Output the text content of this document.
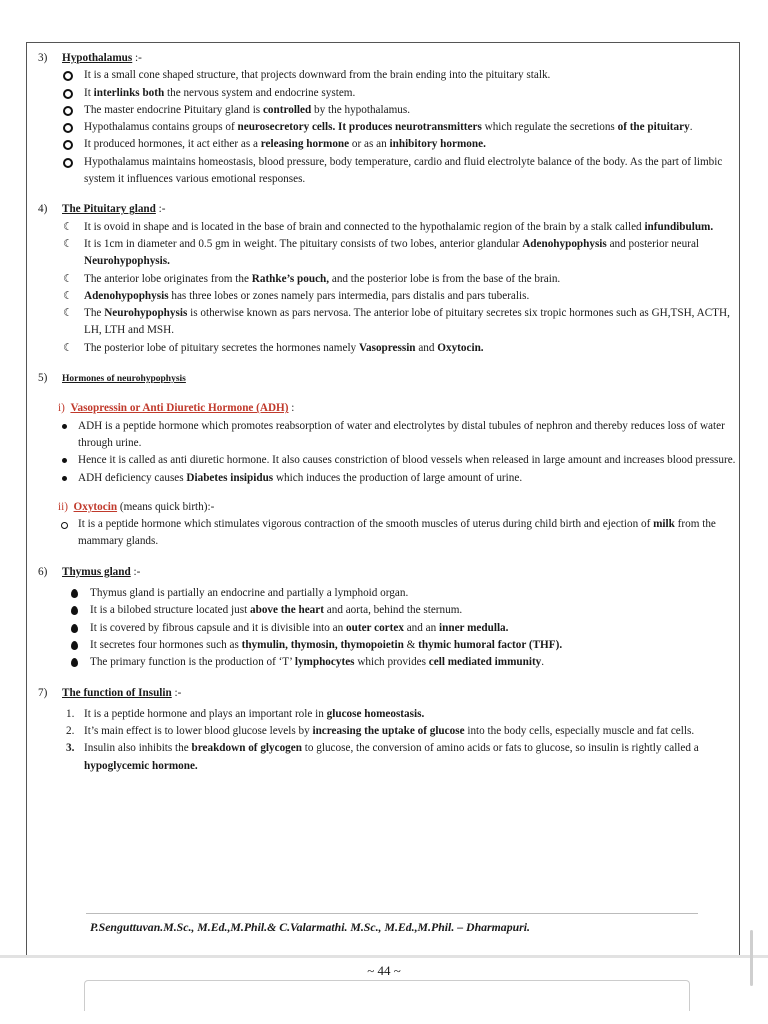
3)	Hypothalamus :-
It is a small cone shaped structure, that projects downward from the brain ending into the pituitary stalk.
It interlinks both the nervous system and endocrine system.
The master endocrine Pituitary gland is controlled by the hypothalamus.
Hypothalamus contains groups of neurosecretory cells. It produces neurotransmitters which regulate the secretions of the pituitary.
It produced hormones, it act either as a releasing hormone or as an inhibitory hormone.
Hypothalamus maintains homeostasis, blood pressure, body temperature, cardio and fluid electrolyte balance of the body. As the part of limbic system it influences various emotional responses.
4)	The Pituitary gland :-
☾ It is ovoid in shape and is located in the base of brain and connected to the hypothalamic region of the brain by a stalk called infundibulum.
☾ It is 1cm in diameter and 0.5 gm in weight. The pituitary consists of two lobes, anterior glandular Adenohypophysis and posterior neural Neurohypophysis.
☾ The anterior lobe originates from the Rathke’s pouch, and the posterior lobe is from the base of the brain.
☾ Adenohypophysis has three lobes or zones namely pars intermedia, pars distalis and pars tuberalis.
☾ The Neurohypophysis is otherwise known as pars nervosa. The anterior lobe of pituitary secretes six tropic hormones such as GH,TSH, ACTH, LH, LTH and MSH.
☾ The posterior lobe of pituitary secretes the hormones namely Vasopressin and Oxytocin.
5)	Hormones of neurohypophysis
i) Vasopressin or Anti Diuretic Hormone (ADH) :
ADH is a peptide hormone which promotes reabsorption of water and electrolytes by distal tubules of nephron and thereby reduces loss of water through urine.
Hence it is called as anti diuretic hormone. It also causes constriction of blood vessels when released in large amount and increases blood pressure.
ADH deficiency causes Diabetes insipidus which induces the production of large amount of urine.
ii) Oxytocin (means quick birth):-
It is a peptide hormone which stimulates vigorous contraction of the smooth muscles of uterus during child birth and ejection of milk from the mammary glands.
6)	Thymus gland :-
Thymus gland is partially an endocrine and partially a lymphoid organ.
It is a bilobed structure located just above the heart and aorta, behind the sternum.
It is covered by fibrous capsule and it is divisible into an outer cortex and an inner medulla.
It secretes four hormones such as thymulin, thymosin, thymopoietin & thymic humoral factor (THF).
The primary function is the production of ‘T’ lymphocytes which provides cell mediated immunity.
7)	The function of Insulin :-
1. It is a peptide hormone and plays an important role in glucose homeostasis.
2. It’s main effect is to lower blood glucose levels by increasing the uptake of glucose into the body cells, especially muscle and fat cells.
3. Insulin also inhibits the breakdown of glycogen to glucose, the conversion of amino acids or fats to glucose, so insulin is rightly called a hypoglycemic hormone.
P.Senguttuvan.M.Sc., M.Ed.,M.Phil.& C.Valarmathi. M.Sc., M.Ed.,M.Phil. – Dharmapuri.
~ 44 ~
